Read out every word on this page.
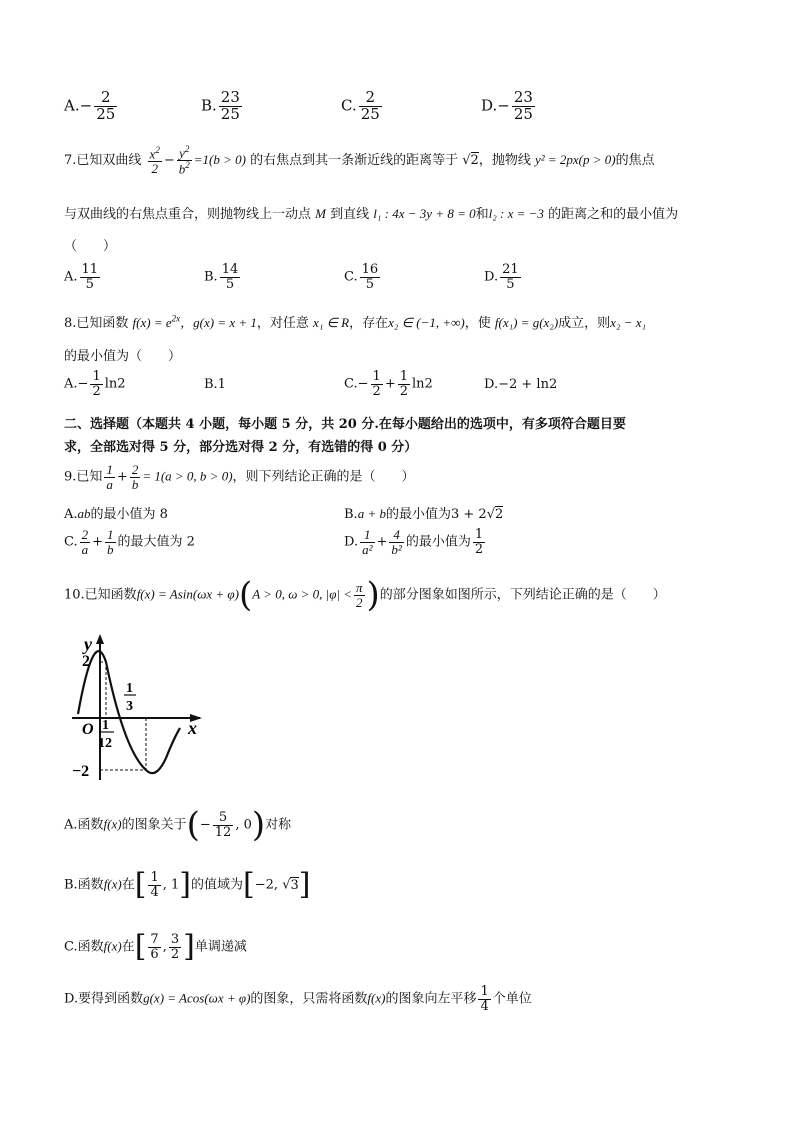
$A.- \frac{2}{25}$	B. $\frac{23}{25}$	C. $\frac{2}{25}$	$D.- \frac{23}{25}$
7.已知双曲线 $\frac{x^2}{2} - \frac{y^2}{b^2} =1(b > 0)$ 的右焦点到其一条渐近线的距离等于 √2，抛物线 y² = 2px(p > 0)的焦点
与双曲线的右焦点重合，则抛物线上一动点 M 到直线 l₁ : 4x − 3y + 8 = 0和l₂ : x = −3 的距离之和的最小值为
（　　）
A. $\frac{11}{5}$	B. $\frac{14}{5}$	C. $\frac{16}{5}$	D. $\frac{21}{5}$
8.已知函数 $f(x) = e^{2x}$，g(x) = x + 1，对任意 x₁ ∈ R，存在x₂ ∈ (−1, +∞)，使 f(x₁) = g(x₂)成立，则x₂ − x₁
的最小值为（　　）
$A.- \frac{1}{2} \ln 2$	B.1	$C.- \frac{1}{2} + \frac{1}{2} \ln 2$	D.−2 + ln2
二、选择题（本题共 4 小题，每小题 5 分，共 20 分.在每小题给出的选项中，有多项符合题目要
求，全部选对得 5 分，部分选对得 2 分，有选错的得 0 分）
9.已知 $\frac{1}{a} + \frac{2}{b} = 1(a > 0$, b > 0)，则下列结论正确的是（　　）
A.ab的最小值为 8	B.a + b的最小值为3 + 2√2
C. $\frac{2}{a} + \frac{1}{b}$ 的最大值为 2	D. $\frac{1}{\text{a²}} + \frac{4}{\text{b²}}$ 的最小值为 $\frac{1}{2}$
10.已知函数f(x) = Asin(ωx + φ)(A > 0, ω > 0, $|\varphi| < \frac{\pi}{2}$ )的部分图象如图所示，下列结论正确的是（　　）
y
x
O
2
−2
1
12
1
3
A.函数f(x)的图象关于(− $\frac{5}{12}$ , 0)对称
B.函数f(x)在[ $\frac{1}{4}$ , 1]的值域为[−2, √3]
C.函数f(x)在[ $\frac{7}{6}$ , $\frac{3}{2}$ ]单调递减
D.要得到函数g(x) = Acos(ωx + φ)的图象，只需将函数f(x)的图象向左平移 $\frac{1}{4}$ 个单位
